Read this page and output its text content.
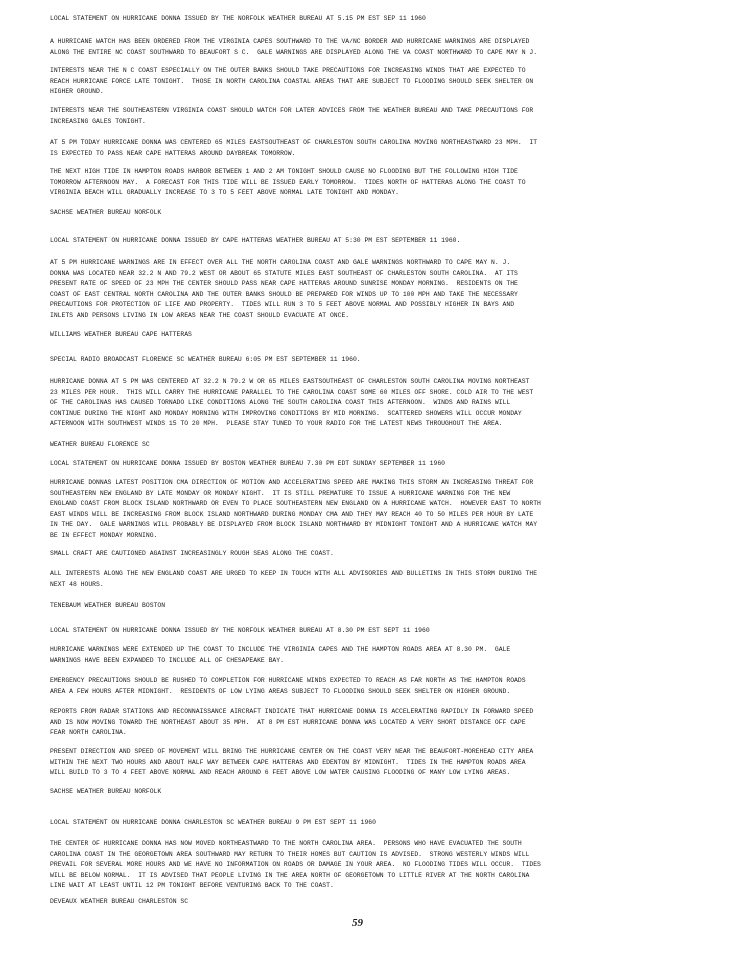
LOCAL STATEMENT ON HURRICANE DONNA ISSUED BY THE NORFOLK WEATHER BUREAU AT 5.15 PM EST SEP 11 1960

A HURRICANE WATCH HAS BEEN ORDERED FROM THE VIRGINIA CAPES SOUTHWARD TO THE VA/NC BORDER AND HURRICANE WARNINGS ARE DISPLAYED
ALONG THE ENTIRE NC COAST SOUTHWARD TO BEAUFORT S C.  GALE WARNINGS ARE DISPLAYED ALONG THE VA COAST NORTHWARD TO CAPE MAY N J.

INTERESTS NEAR THE N C COAST ESPECIALLY ON THE OUTER BANKS SHOULD TAKE PRECAUTIONS FOR INCREASING WINDS THAT ARE EXPECTED TO
REACH HURRICANE FORCE LATE TONIGHT.  THOSE IN NORTH CAROLINA COASTAL AREAS THAT ARE SUBJECT TO FLOODING SHOULD SEEK SHELTER ON
HIGHER GROUND.

INTERESTS NEAR THE SOUTHEASTERN VIRGINIA COAST SHOULD WATCH FOR LATER ADVICES FROM THE WEATHER BUREAU AND TAKE PRECAUTIONS FOR
INCREASING GALES TONIGHT.

AT 5 PM TODAY HURRICANE DONNA WAS CENTERED 65 MILES EASTSOUTHEAST OF CHARLESTON SOUTH CAROLINA MOVING NORTHEASTWARD 23 MPH.  IT
IS EXPECTED TO PASS NEAR CAPE HATTERAS AROUND DAYBREAK TOMORROW.

THE NEXT HIGH TIDE IN HAMPTON ROADS HARBOR BETWEEN 1 AND 2 AM TONIGHT SHOULD CAUSE NO FLOODING BUT THE FOLLOWING HIGH TIDE
TOMORROW AFTERNOON MAY.  A FORECAST FOR THIS TIDE WILL BE ISSUED EARLY TOMORROW.  TIDES NORTH OF HATTERAS ALONG THE COAST TO
VIRGINIA BEACH WILL GRADUALLY INCREASE TO 3 TO 5 FEET ABOVE NORMAL LATE TONIGHT AND MONDAY.

SACHSE WEATHER BUREAU NORFOLK

LOCAL STATEMENT ON HURRICANE DONNA ISSUED BY CAPE HATTERAS WEATHER BUREAU AT 5:30 PM EST SEPTEMBER 11 1960.

AT 5 PM HURRICANE WARNINGS ARE IN EFFECT OVER ALL THE NORTH CAROLINA COAST AND GALE WARNINGS NORTHWARD TO CAPE MAY N. J.
DONNA WAS LOCATED NEAR 32.2 N AND 79.2 WEST OR ABOUT 65 STATUTE MILES EAST SOUTHEAST OF CHARLESTON SOUTH CAROLINA.  AT ITS
PRESENT RATE OF SPEED OF 23 MPH THE CENTER SHOULD PASS NEAR CAPE HATTERAS AROUND SUNRISE MONDAY MORNING.  RESIDENTS ON THE
COAST OF EAST CENTRAL NORTH CAROLINA AND THE OUTER BANKS SHOULD BE PREPARED FOR WINDS UP TO 100 MPH AND TAKE THE NECESSARY
PRECAUTIONS FOR PROTECTION OF LIFE AND PROPERTY.  TIDES WILL RUN 3 TO 5 FEET ABOVE NORMAL AND POSSIBLY HIGHER IN BAYS AND
INLETS AND PERSONS LIVING IN LOW AREAS NEAR THE COAST SHOULD EVACUATE AT ONCE.

WILLIAMS WEATHER BUREAU CAPE HATTERAS

SPECIAL RADIO BROADCAST FLORENCE SC WEATHER BUREAU 6:05 PM EST SEPTEMBER 11 1960.

HURRICANE DONNA AT 5 PM WAS CENTERED AT 32.2 N 79.2 W OR 65 MILES EASTSOUTHEAST OF CHARLESTON SOUTH CAROLINA MOVING NORTHEAST
23 MILES PER HOUR.  THIS WILL CARRY THE HURRICANE PARALLEL TO THE CAROLINA COAST SOME 60 MILES OFF SHORE. COLD AIR TO THE WEST
OF THE CAROLINAS HAS CAUSED TORNADO LIKE CONDITIONS ALONG THE SOUTH CAROLINA COAST THIS AFTERNOON.  WINDS AND RAINS WILL
CONTINUE DURING THE NIGHT AND MONDAY MORNING WITH IMPROVING CONDITIONS BY MID MORNING.  SCATTERED SHOWERS WILL OCCUR MONDAY
AFTERNOON WITH SOUTHWEST WINDS 15 TO 20 MPH.  PLEASE STAY TUNED TO YOUR RADIO FOR THE LATEST NEWS THROUGHOUT THE AREA.

WEATHER BUREAU FLORENCE SC

LOCAL STATEMENT ON HURRICANE DONNA ISSUED BY BOSTON WEATHER BUREAU 7.30 PM EDT SUNDAY SEPTEMBER 11 1960

HURRICANE DONNAS LATEST POSITION CMA DIRECTION OF MOTION AND ACCELERATING SPEED ARE MAKING THIS STORM AN INCREASING THREAT FOR
SOUTHEASTERN NEW ENGLAND BY LATE MONDAY OR MONDAY NIGHT.  IT IS STILL PREMATURE TO ISSUE A HURRICANE WARNING FOR THE NEW
ENGLAND COAST FROM BLOCK ISLAND NORTHWARD OR EVEN TO PLACE SOUTHEASTERN NEW ENGLAND ON A HURRICANE WATCH.  HOWEVER EAST TO NORTH
EAST WINDS WILL BE INCREASING FROM BLOCK ISLAND NORTHWARD DURING MONDAY CMA AND THEY MAY REACH 40 TO 50 MILES PER HOUR BY LATE
IN THE DAY.  GALE WARNINGS WILL PROBABLY BE DISPLAYED FROM BLOCK ISLAND NORTHWARD BY MIDNIGHT TONIGHT AND A HURRICANE WATCH MAY
BE IN EFFECT MONDAY MORNING.

SMALL CRAFT ARE CAUTIONED AGAINST INCREASINGLY ROUGH SEAS ALONG THE COAST.

ALL INTERESTS ALONG THE NEW ENGLAND COAST ARE URGED TO KEEP IN TOUCH WITH ALL ADVISORIES AND BULLETINS IN THIS STORM DURING THE
NEXT 48 HOURS.

TENEBAUM WEATHER BUREAU BOSTON

LOCAL STATEMENT ON HURRICANE DONNA ISSUED BY THE NORFOLK WEATHER BUREAU AT 8.30 PM EST SEPT 11 1960

HURRICANE WARNINGS WERE EXTENDED UP THE COAST TO INCLUDE THE VIRGINIA CAPES AND THE HAMPTON ROADS AREA AT 8.30 PM.  GALE
WARNINGS HAVE BEEN EXPANDED TO INCLUDE ALL OF CHESAPEAKE BAY.

EMERGENCY PRECAUTIONS SHOULD BE RUSHED TO COMPLETION FOR HURRICANE WINDS EXPECTED TO REACH AS FAR NORTH AS THE HAMPTON ROADS
AREA A FEW HOURS AFTER MIDNIGHT.  RESIDENTS OF LOW LYING AREAS SUBJECT TO FLOODING SHOULD SEEK SHELTER ON HIGHER GROUND.

REPORTS FROM RADAR STATIONS AND RECONNAISSANCE AIRCRAFT INDICATE THAT HURRICANE DONNA IS ACCELERATING RAPIDLY IN FORWARD SPEED
AND IS NOW MOVING TOWARD THE NORTHEAST ABOUT 35 MPH.  AT 8 PM EST HURRICANE DONNA WAS LOCATED A VERY SHORT DISTANCE OFF CAPE
FEAR NORTH CAROLINA.

PRESENT DIRECTION AND SPEED OF MOVEMENT WILL BRING THE HURRICANE CENTER ON THE COAST VERY NEAR THE BEAUFORT-MOREHEAD CITY AREA
WITHIN THE NEXT TWO HOURS AND ABOUT HALF WAY BETWEEN CAPE HATTERAS AND EDENTON BY MIDNIGHT.  TIDES IN THE HAMPTON ROADS AREA
WILL BUILD TO 3 TO 4 FEET ABOVE NORMAL AND REACH AROUND 6 FEET ABOVE LOW WATER CAUSING FLOODING OF MANY LOW LYING AREAS.

SACHSE WEATHER BUREAU NORFOLK

LOCAL STATEMENT ON HURRICANE DONNA CHARLESTON SC WEATHER BUREAU 9 PM EST SEPT 11 1960

THE CENTER OF HURRICANE DONNA HAS NOW MOVED NORTHEASTWARD TO THE NORTH CAROLINA AREA.  PERSONS WHO HAVE EVACUATED THE SOUTH
CAROLINA COAST IN THE GEORGETOWN AREA SOUTHWARD MAY RETURN TO THEIR HOMES BUT CAUTION IS ADVISED.  STRONG WESTERLY WINDS WILL
PREVAIL FOR SEVERAL MORE HOURS AND WE HAVE NO INFORMATION ON ROADS OR DAMAGE IN YOUR AREA.  NO FLOODING TIDES WILL OCCUR.  TIDES
WILL BE BELOW NORMAL.  IT IS ADVISED THAT PEOPLE LIVING IN THE AREA NORTH OF GEORGETOWN TO LITTLE RIVER AT THE NORTH CAROLINA
LINE WAIT AT LEAST UNTIL 12 PM TONIGHT BEFORE VENTURING BACK TO THE COAST.

DEVEAUX WEATHER BUREAU CHARLESTON SC

59
